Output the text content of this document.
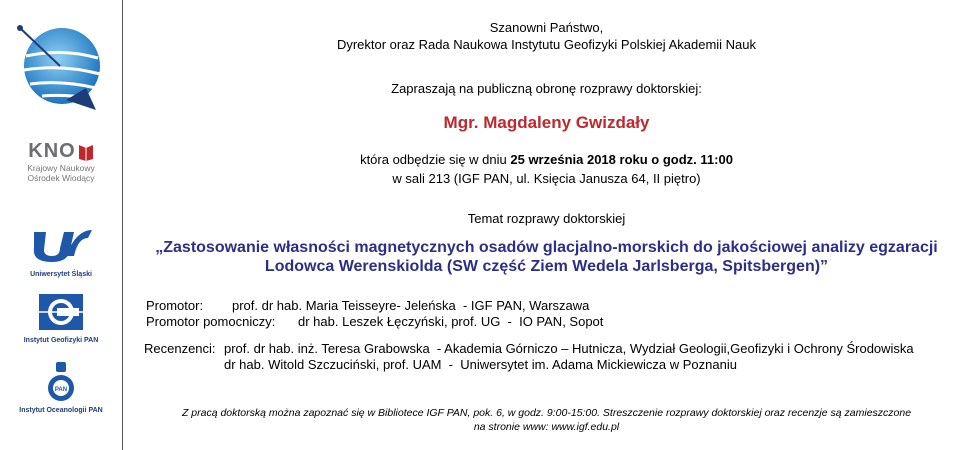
KNO
Krajowy Naukowy
Ośrodek Wiodący
Uniwersytet Śląski
Instytut Geofizyki PAN
PAN
Instytut Oceanologii PAN
Szanowni Państwo,
Dyrektor oraz Rada Naukowa Instytutu Geofizyki Polskiej Akademii Nauk
Zapraszają na publiczną obronę rozprawy doktorskiej:
Mgr. Magdaleny Gwizdały
która odbędzie się w dniu 25 września 2018 roku o godz. 11:00
w sali 213 (IGF PAN, ul. Księcia Janusza 64, II piętro)
Temat rozprawy doktorskiej
„Zastosowanie własności magnetycznych osadów glacjalno-morskich do jakościowej analizy egzaracji
Lodowca Werenskiolda (SW część Ziem Wedela Jarlsberga, Spitsbergen)”
Promotor: prof. dr hab. Maria Teisseyre- Jeleńska  - IGF PAN, Warszawa
Promotor pomocniczy: dr hab. Leszek Łęczyński, prof. UG  -  IO PAN, Sopot
Recenzenci: prof. dr hab. inż. Teresa Grabowska  - Akademia Górniczo – Hutnicza, Wydział Geologii,Geofizyki i Ochrony Środowiska
dr hab. Witold Szczuciński, prof. UAM  -  Uniwersytet im. Adama Mickiewicza w Poznaniu
Z pracą doktorską można zapoznać się w Bibliotece IGF PAN, pok. 6, w godz. 9:00-15:00. Streszczenie rozprawy doktorskiej oraz recenzje są zamieszczone
na stronie www: www.igf.edu.pl
